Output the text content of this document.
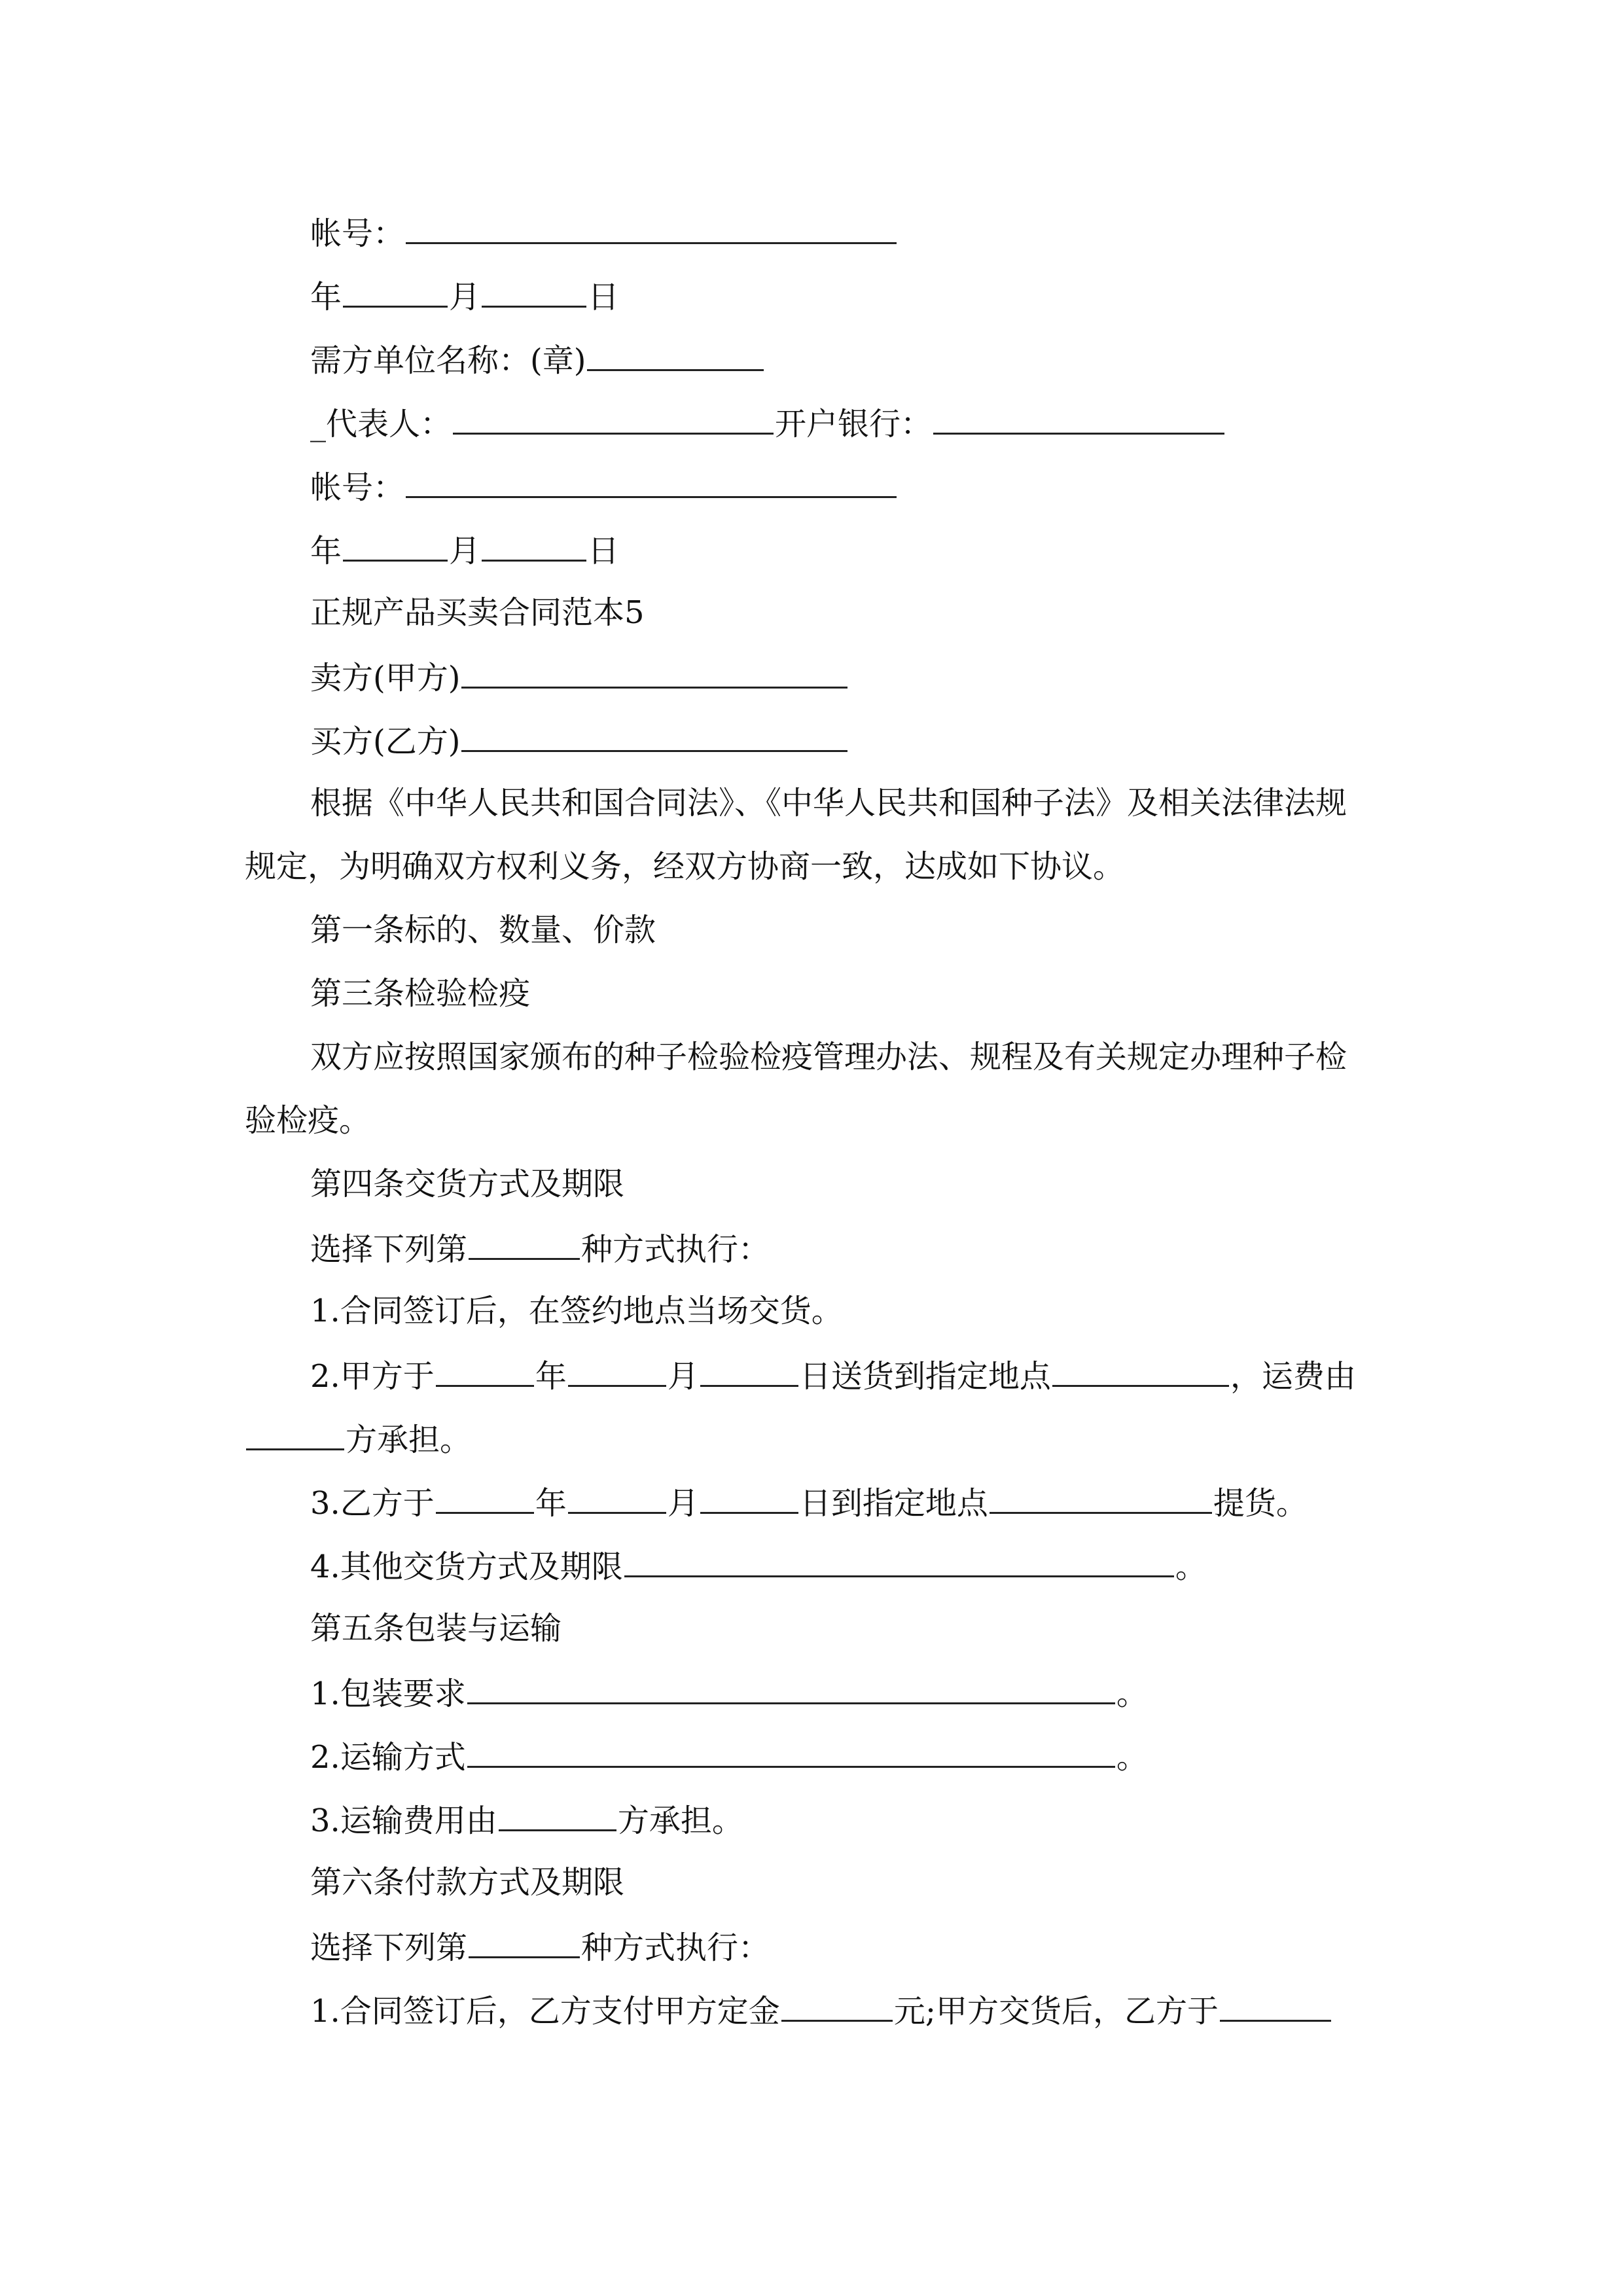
帐号：
年	月	日
需方单位名称：(章)
_代表人：	开户银行：
帐号：
年	月	日
正规产品买卖合同范本5
卖方(甲方)
买方(乙方)
根据《中华人民共和国合同法》、《中华人民共和国种子法》及相关法律法规
规定，为明确双方权利义务，经双方协商一致，达成如下协议。
第一条标的、数量、价款
第三条检验检疫
双方应按照国家颁布的种子检验检疫管理办法、规程及有关规定办理种子检
验检疫。
第四条交货方式及期限
选择下列第	种方式执行：
1.合同签订后，在签约地点当场交货。
2.甲方于	年	月	日送货到指定地点	，运费由
方承担。
3.乙方于	年	月	日到指定地点	提货。
4.其他交货方式及期限	。
第五条包装与运输
1.包装要求	。
2.运输方式	。
3.运输费用由	方承担。
第六条付款方式及期限
选择下列第	种方式执行：
1.合同签订后，乙方支付甲方定金	元;甲方交货后，乙方于
